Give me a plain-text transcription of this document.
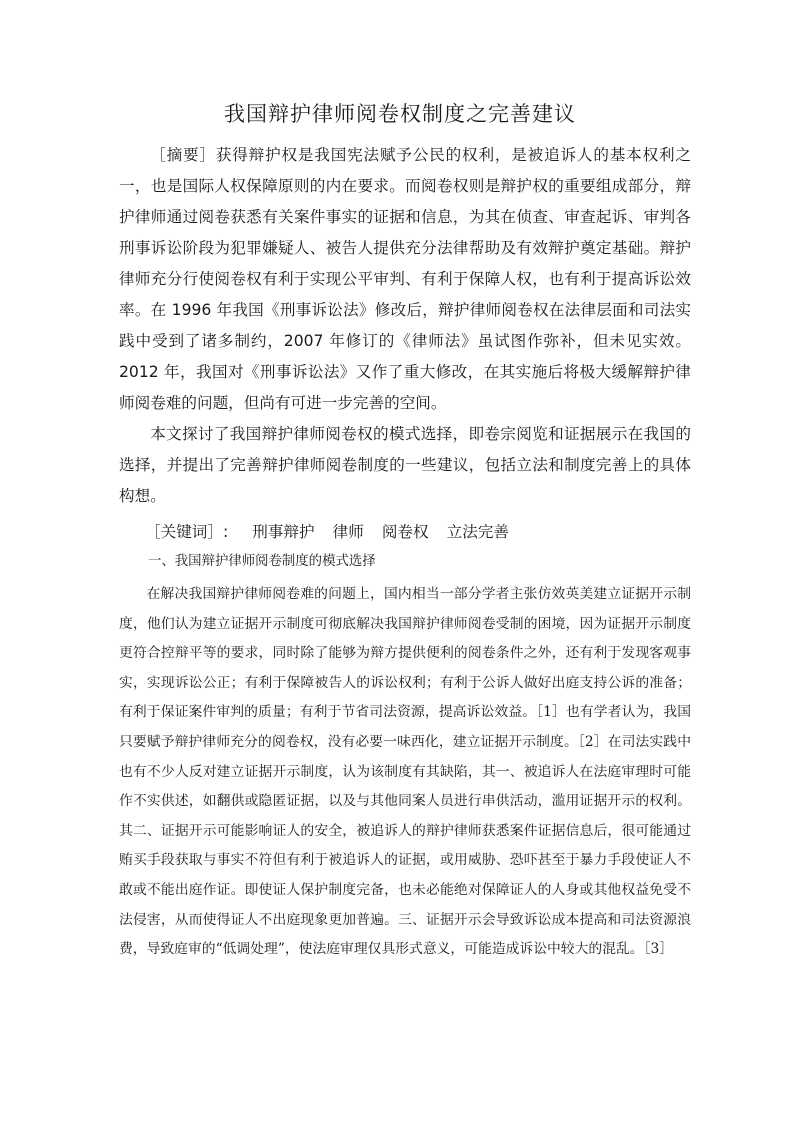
我国辩护律师阅卷权制度之完善建议

［摘要］获得辩护权是我国宪法赋予公民的权利，是被追诉人的基本权利之一，也是国际人权保障原则的内在要求。而阅卷权则是辩护权的重要组成部分，辩护律师通过阅卷获悉有关案件事实的证据和信息，为其在侦查、审查起诉、审判各刑事诉讼阶段为犯罪嫌疑人、被告人提供充分法律帮助及有效辩护奠定基础。辩护律师充分行使阅卷权有利于实现公平审判、有利于保障人权，也有利于提高诉讼效率。在 1996 年我国《刑事诉讼法》修改后，辩护律师阅卷权在法律层面和司法实践中受到了诸多制约，2007 年修订的《律师法》虽试图作弥补，但未见实效。2012 年，我国对《刑事诉讼法》又作了重大修改，在其实施后将极大缓解辩护律师阅卷难的问题，但尚有可进一步完善的空间。

本文探讨了我国辩护律师阅卷权的模式选择，即卷宗阅览和证据展示在我国的选择，并提出了完善辩护律师阅卷制度的一些建议，包括立法和制度完善上的具体构想。

［关键词］: 刑事辩护 律师 阅卷权 立法完善
一、我国辩护律师阅卷制度的模式选择

在解决我国辩护律师阅卷难的问题上，国内相当一部分学者主张仿效英美建立证据开示制度，他们认为建立证据开示制度可彻底解决我国辩护律师阅卷受制的困境，因为证据开示制度更符合控辩平等的要求，同时除了能够为辩方提供便利的阅卷条件之外，还有利于发现客观事实，实现诉讼公正；有利于保障被告人的诉讼权利；有利于公诉人做好出庭支持公诉的准备；有利于保证案件审判的质量；有利于节省司法资源，提高诉讼效益。［1］也有学者认为，我国只要赋予辩护律师充分的阅卷权，没有必要一味西化，建立证据开示制度。［2］在司法实践中也有不少人反对建立证据开示制度，认为该制度有其缺陷，其一、被追诉人在法庭审理时可能作不实供述，如翻供或隐匿证据，以及与其他同案人员进行串供活动，滥用证据开示的权利。其二、证据开示可能影响证人的安全，被追诉人的辩护律师获悉案件证据信息后，很可能通过贿买手段获取与事实不符但有利于被追诉人的证据，或用威胁、恐吓甚至于暴力手段使证人不敢或不能出庭作证。即使证人保护制度完备，也未必能绝对保障证人的人身或其他权益免受不法侵害，从而使得证人不出庭现象更加普遍。三、证据开示会导致诉讼成本提高和司法资源浪费，导致庭审的“低调处理”，使法庭审理仅具形式意义，可能造成诉讼中较大的混乱。［3］
